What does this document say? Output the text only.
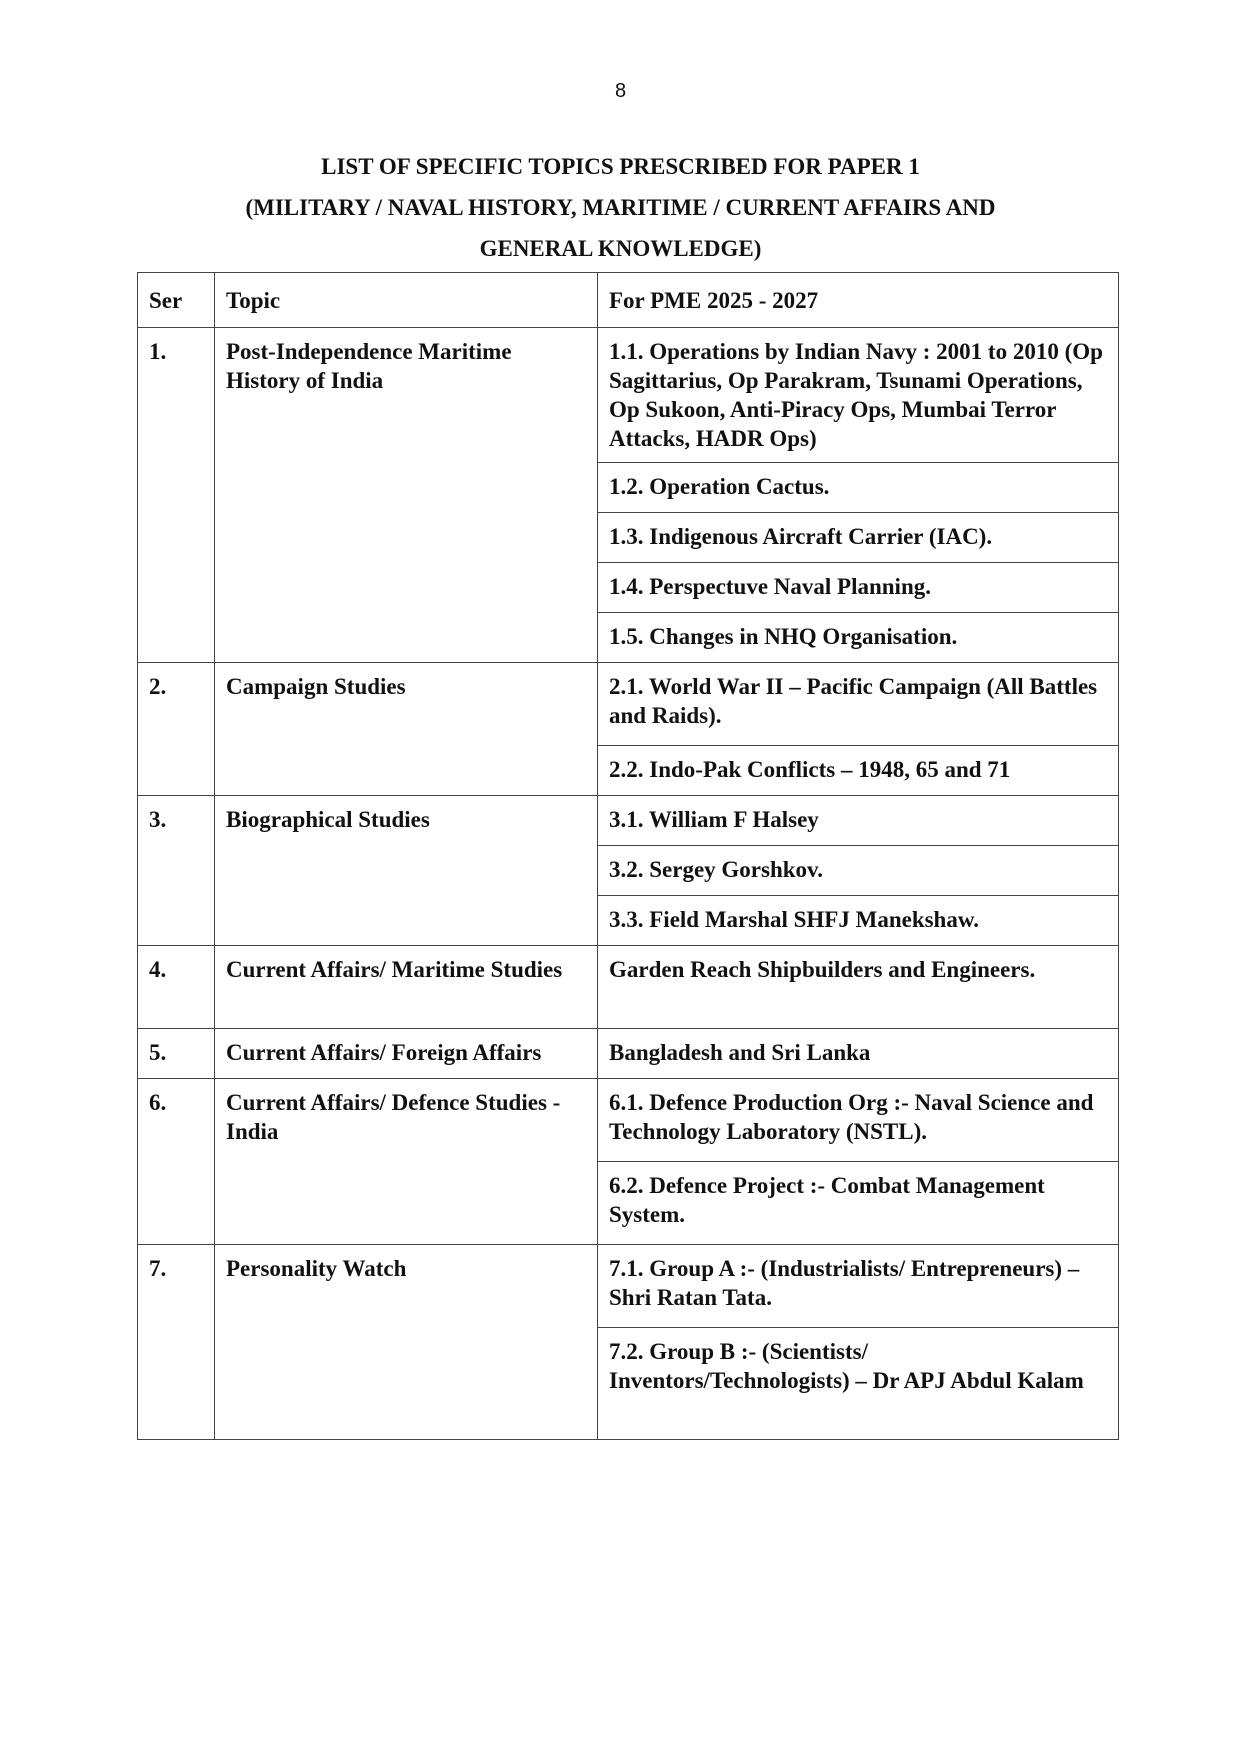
8
LIST OF SPECIFIC TOPICS PRESCRIBED FOR PAPER 1
(MILITARY / NAVAL HISTORY, MARITIME / CURRENT AFFAIRS AND
GENERAL KNOWLEDGE)
Ser	Topic	For PME 2025 - 2027
1.	Post-Independence Maritime History of India	1.1. Operations by Indian Navy : 2001 to 2010 (Op Sagittarius, Op Parakram, Tsunami Operations, Op Sukoon, Anti-Piracy Ops, Mumbai Terror Attacks, HADR Ops)
		1.2. Operation Cactus.
		1.3. Indigenous Aircraft Carrier (IAC).
		1.4. Perspectuve Naval Planning.
		1.5. Changes in NHQ Organisation.
2.	Campaign Studies	2.1. World War II – Pacific Campaign (All Battles and Raids).
		2.2. Indo-Pak Conflicts – 1948, 65 and 71
3.	Biographical Studies	3.1. William F Halsey
		3.2. Sergey Gorshkov.
		3.3. Field Marshal SHFJ Manekshaw.
4.	Current Affairs/ Maritime Studies	Garden Reach Shipbuilders and Engineers.
5.	Current Affairs/ Foreign Affairs	Bangladesh and Sri Lanka
6.	Current Affairs/ Defence Studies - India	6.1. Defence Production Org :- Naval Science and Technology Laboratory (NSTL).
		6.2. Defence Project :- Combat Management System.
7.	Personality Watch	7.1. Group A :- (Industrialists/ Entrepreneurs) – Shri Ratan Tata.
		7.2. Group B :- (Scientists/ Inventors/Technologists) – Dr APJ Abdul Kalam
